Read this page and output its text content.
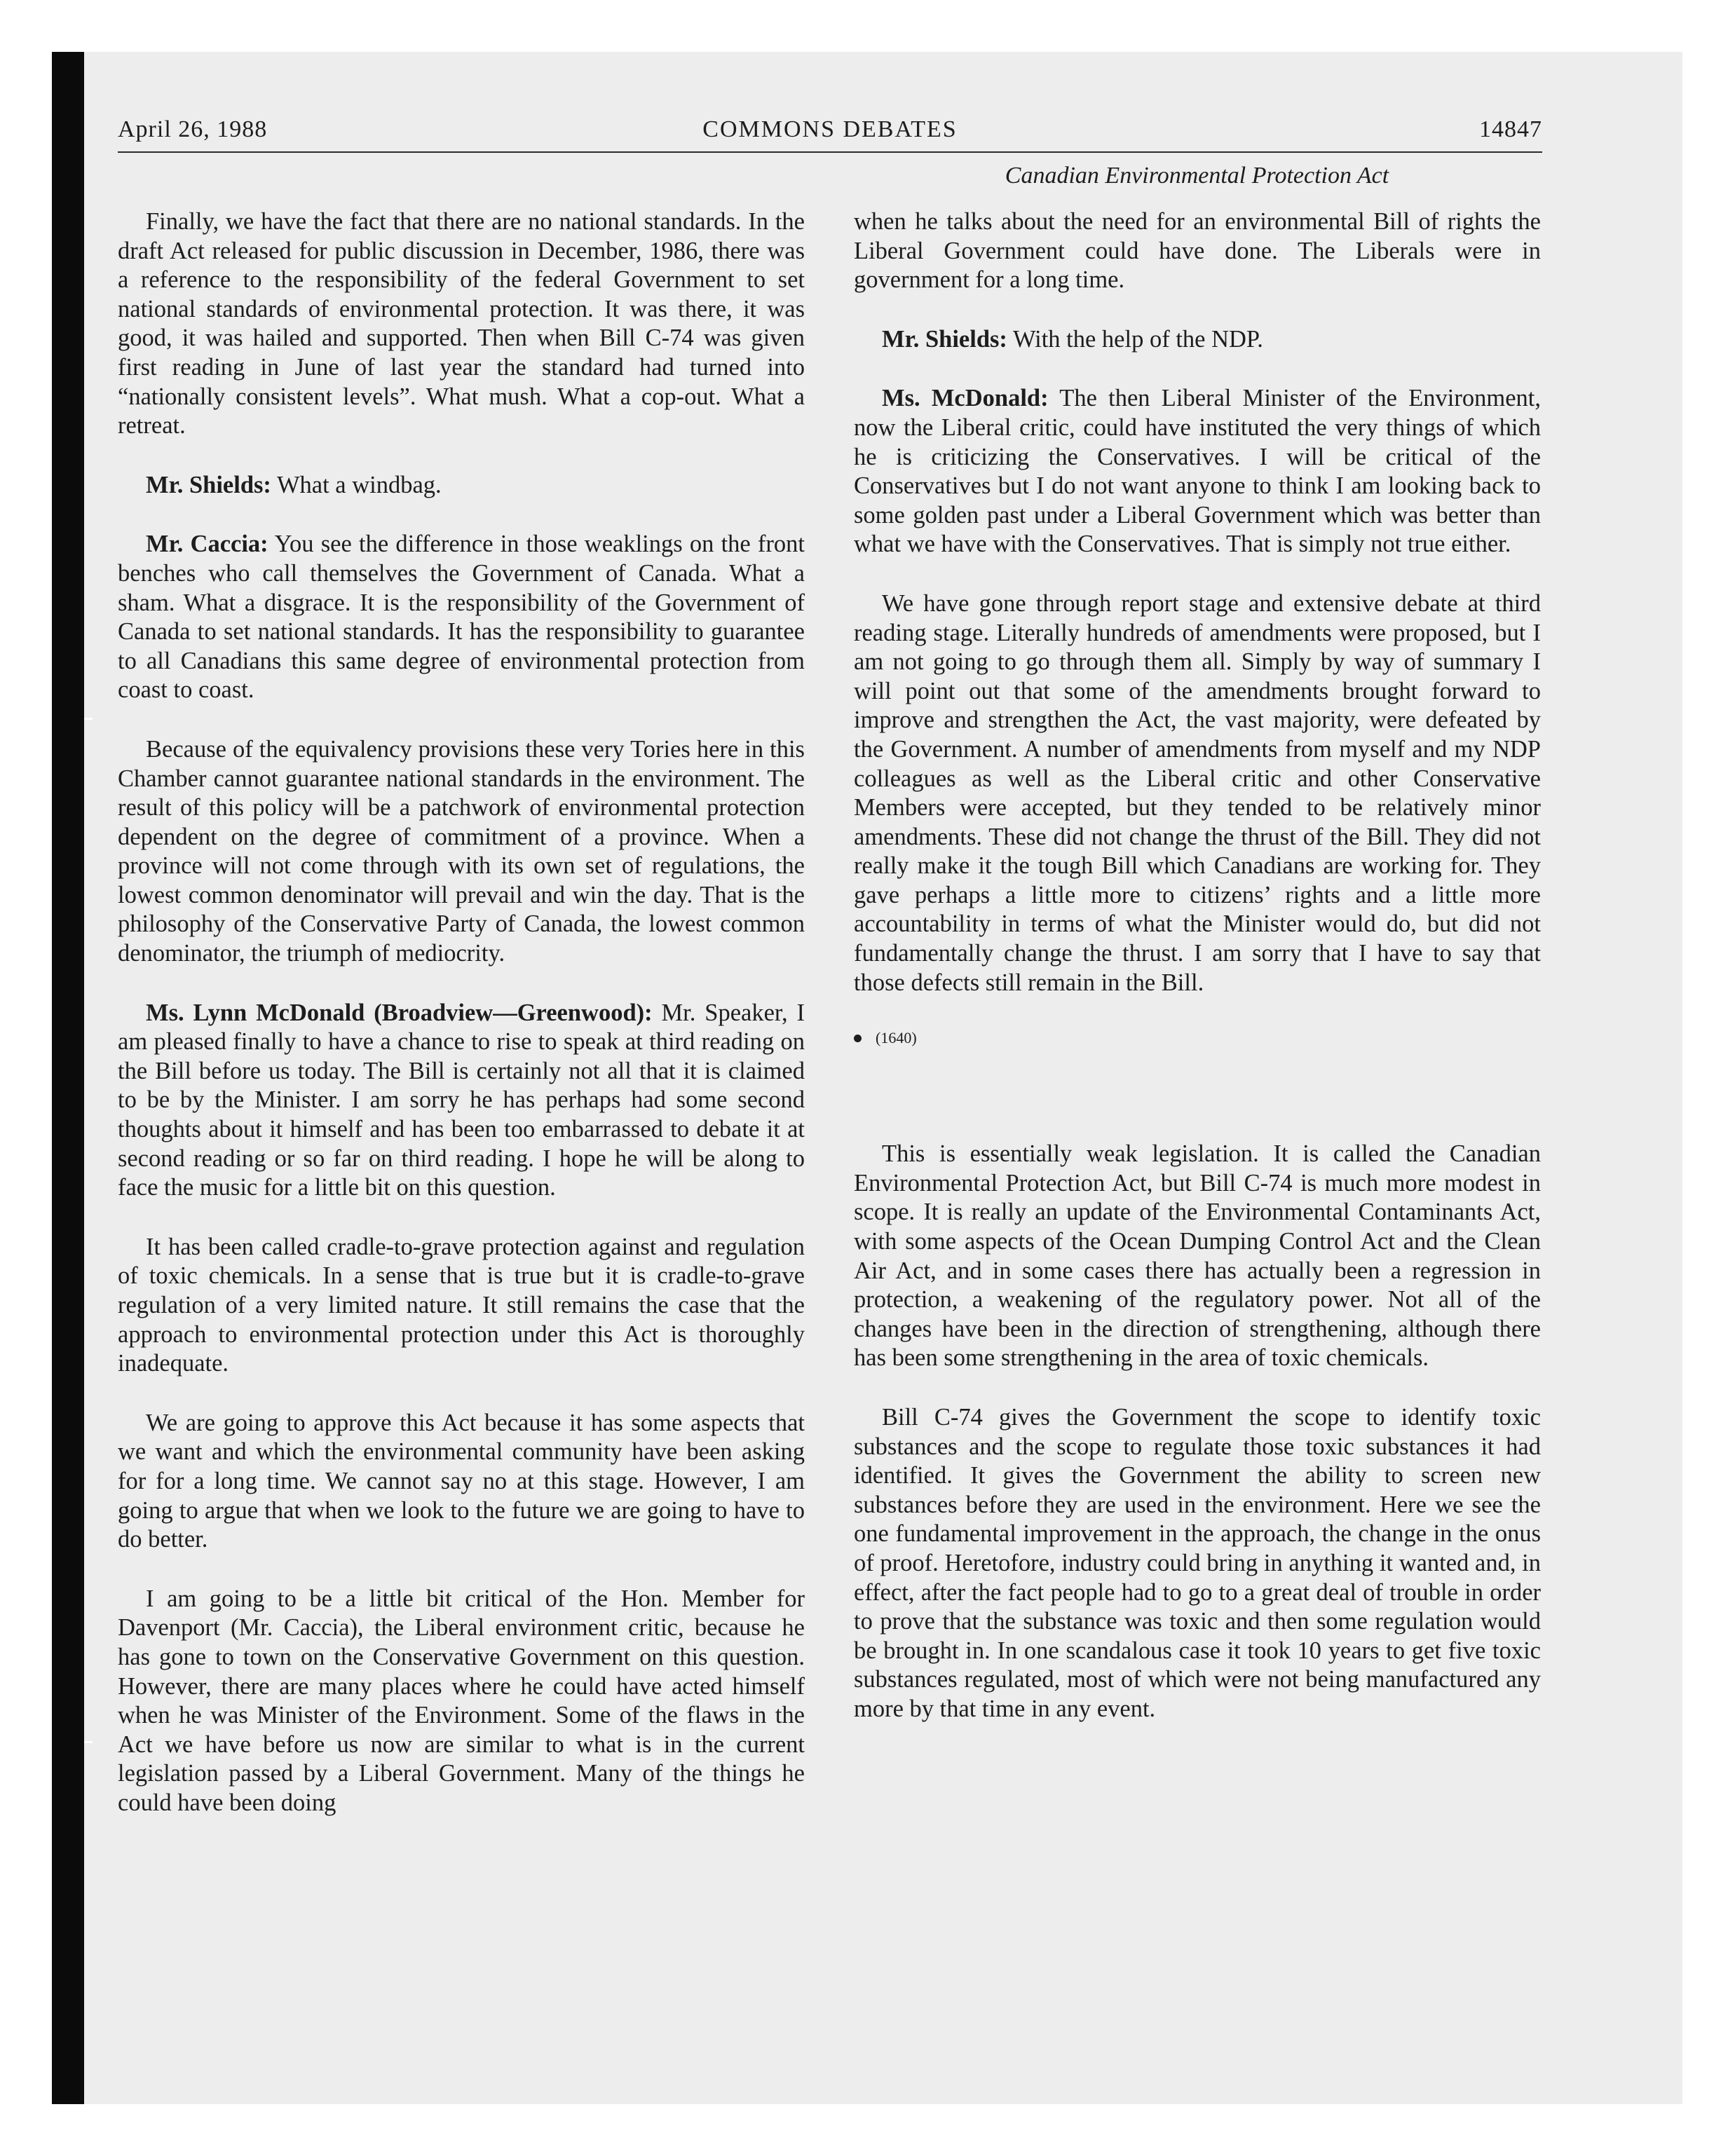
April 26, 1988	COMMONS DEBATES	14847
Canadian Environmental Protection Act

Finally, we have the fact that there are no national standards. In the draft Act released for public discussion in December, 1986, there was a reference to the responsibility of the federal Government to set national standards of environmental protection. It was there, it was good, it was hailed and supported. Then when Bill C-74 was given first reading in June of last year the standard had turned into “nationally consistent levels”. What mush. What a cop-out. What a retreat.

Mr. Shields: What a windbag.

Mr. Caccia: You see the difference in those weaklings on the front benches who call themselves the Government of Canada. What a sham. What a disgrace. It is the responsibility of the Government of Canada to set national standards. It has the responsibility to guarantee to all Canadians this same degree of environmental protection from coast to coast.

Because of the equivalency provisions these very Tories here in this Chamber cannot guarantee national standards in the environment. The result of this policy will be a patchwork of environmental protection dependent on the degree of commitment of a province. When a province will not come through with its own set of regulations, the lowest common denominator will prevail and win the day. That is the philosophy of the Conservative Party of Canada, the lowest common denominator, the triumph of mediocrity.

Ms. Lynn McDonald (Broadview—Greenwood): Mr. Speaker, I am pleased finally to have a chance to rise to speak at third reading on the Bill before us today. The Bill is certainly not all that it is claimed to be by the Minister. I am sorry he has perhaps had some second thoughts about it himself and has been too embarrassed to debate it at second reading or so far on third reading. I hope he will be along to face the music for a little bit on this question.

It has been called cradle-to-grave protection against and regulation of toxic chemicals. In a sense that is true but it is cradle-to-grave regulation of a very limited nature. It still remains the case that the approach to environmental protection under this Act is thoroughly inadequate.

We are going to approve this Act because it has some aspects that we want and which the environmental community have been asking for for a long time. We cannot say no at this stage. However, I am going to argue that when we look to the future we are going to have to do better.

I am going to be a little bit critical of the Hon. Member for Davenport (Mr. Caccia), the Liberal environment critic, because he has gone to town on the Conservative Government on this question. However, there are many places where he could have acted himself when he was Minister of the Environment. Some of the flaws in the Act we have before us now are similar to what is in the current legislation passed by a Liberal Government. Many of the things he could have been doing

when he talks about the need for an environmental Bill of rights the Liberal Government could have done. The Liberals were in government for a long time.

Mr. Shields: With the help of the NDP.

Ms. McDonald: The then Liberal Minister of the Environment, now the Liberal critic, could have instituted the very things of which he is criticizing the Conservatives. I will be critical of the Conservatives but I do not want anyone to think I am looking back to some golden past under a Liberal Government which was better than what we have with the Conservatives. That is simply not true either.

We have gone through report stage and extensive debate at third reading stage. Literally hundreds of amendments were proposed, but I am not going to go through them all. Simply by way of summary I will point out that some of the amendments brought forward to improve and strengthen the Act, the vast majority, were defeated by the Government. A number of amendments from myself and my NDP colleagues as well as the Liberal critic and other Conservative Members were accepted, but they tended to be relatively minor amendments. These did not change the thrust of the Bill. They did not really make it the tough Bill which Canadians are working for. They gave perhaps a little more to citizens’ rights and a little more accountability in terms of what the Minister would do, but did not fundamentally change the thrust. I am sorry that I have to say that those defects still remain in the Bill.

(1640)

This is essentially weak legislation. It is called the Canadian Environmental Protection Act, but Bill C-74 is much more modest in scope. It is really an update of the Environmental Contaminants Act, with some aspects of the Ocean Dumping Control Act and the Clean Air Act, and in some cases there has actually been a regression in protection, a weakening of the regulatory power. Not all of the changes have been in the direction of strengthening, although there has been some strengthening in the area of toxic chemicals.

Bill C-74 gives the Government the scope to identify toxic substances and the scope to regulate those toxic substances it had identified. It gives the Government the ability to screen new substances before they are used in the environment. Here we see the one fundamental improvement in the approach, the change in the onus of proof. Heretofore, industry could bring in anything it wanted and, in effect, after the fact people had to go to a great deal of trouble in order to prove that the substance was toxic and then some regulation would be brought in. In one scandalous case it took 10 years to get five toxic substances regulated, most of which were not being manufactured any more by that time in any event.
